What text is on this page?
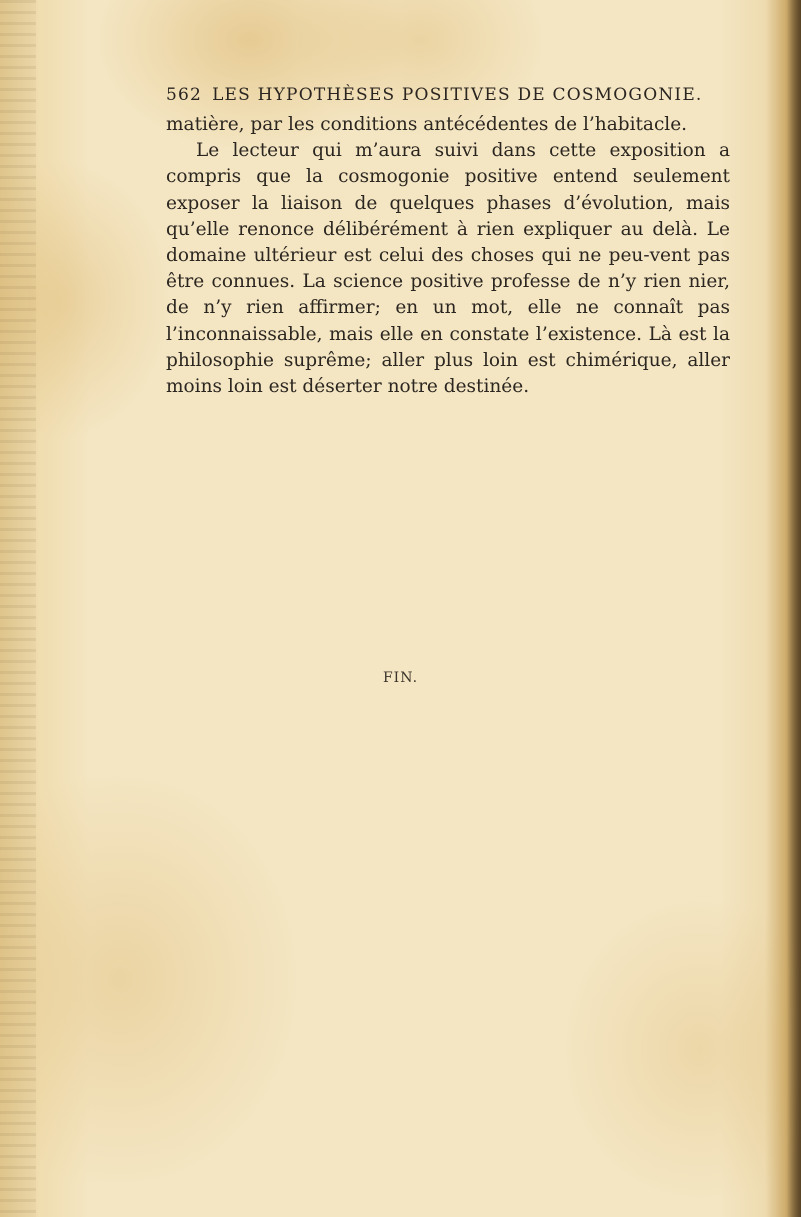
562 LES HYPOTHÈSES POSITIVES DE COSMOGONIE.

matière, par les conditions antécédentes de l’habitacle.

Le lecteur qui m’aura suivi dans cette exposition a compris que la cosmogonie positive entend seulement exposer la liaison de quelques phases d’évolution, mais qu’elle renonce délibérément à rien expliquer au delà. Le domaine ultérieur est celui des choses qui ne peu-vent pas être connues. La science positive professe de n’y rien nier, de n’y rien affirmer; en un mot, elle ne connaît pas l’inconnaissable, mais elle en constate l’existence. Là est la philosophie suprême; aller plus loin est chimérique, aller moins loin est déserter notre destinée.

FIN.
